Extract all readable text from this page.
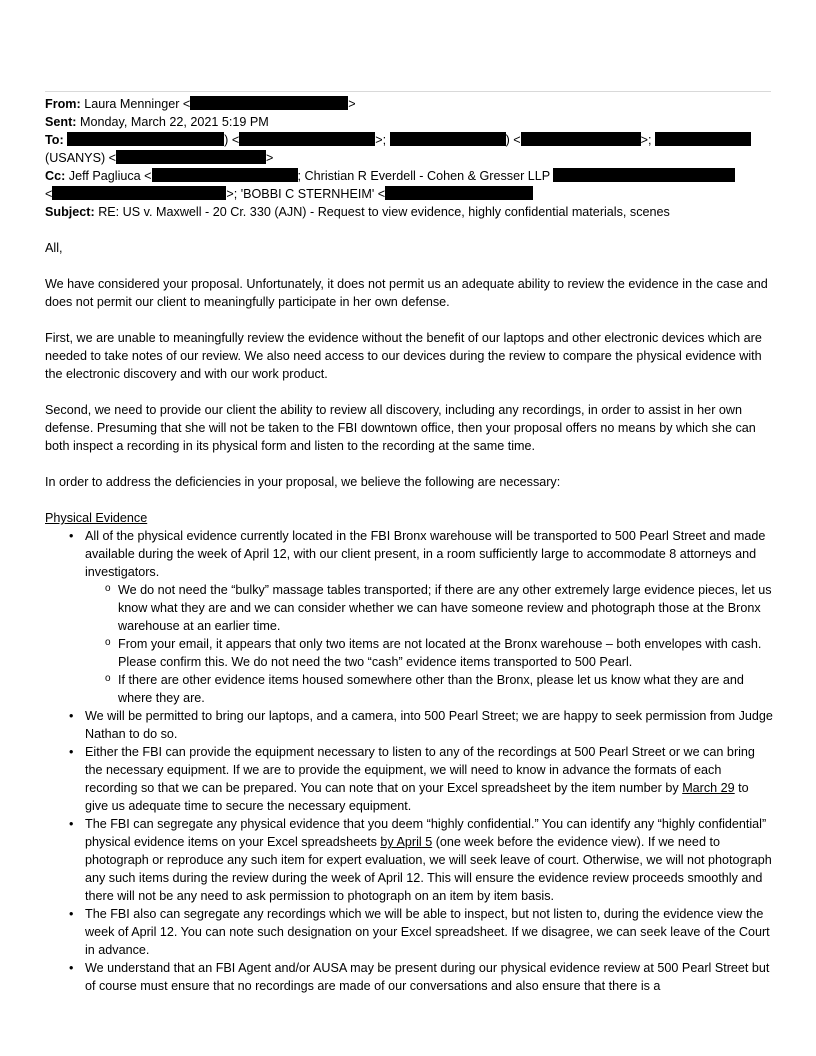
From: Laura Menninger <	>
Sent: Monday, March 22, 2021 5:19 PM
To:	) <	>;	) <	>;
(USANYS) <	>
Cc: Jeff Pagliuca <	; Christian R Everdell - Cohen & Gresser LLP
<	>; 'BOBBI C STERNHEIM' <
Subject: RE: US v. Maxwell - 20 Cr. 330 (AJN) - Request to view evidence, highly confidential materials, scenes

All,

We have considered your proposal. Unfortunately, it does not permit us an adequate ability to review the evidence in the case and does not permit our client to meaningfully participate in her own defense.

First, we are unable to meaningfully review the evidence without the benefit of our laptops and other electronic devices which are needed to take notes of our review. We also need access to our devices during the review to compare the physical evidence with the electronic discovery and with our work product.

Second, we need to provide our client the ability to review all discovery, including any recordings, in order to assist in her own defense. Presuming that she will not be taken to the FBI downtown office, then your proposal offers no means by which she can both inspect a recording in its physical form and listen to the recording at the same time.

In order to address the deficiencies in your proposal, we believe the following are necessary:

Physical Evidence

• All of the physical evidence currently located in the FBI Bronx warehouse will be transported to 500 Pearl Street and made available during the week of April 12, with our client present, in a room sufficiently large to accommodate 8 attorneys and investigators.
o We do not need the “bulky” massage tables transported; if there are any other extremely large evidence pieces, let us know what they are and we can consider whether we can have someone review and photograph those at the Bronx warehouse at an earlier time.
o From your email, it appears that only two items are not located at the Bronx warehouse – both envelopes with cash. Please confirm this. We do not need the two “cash” evidence items transported to 500 Pearl.
o If there are other evidence items housed somewhere other than the Bronx, please let us know what they are and where they are.
• We will be permitted to bring our laptops, and a camera, into 500 Pearl Street; we are happy to seek permission from Judge Nathan to do so.
• Either the FBI can provide the equipment necessary to listen to any of the recordings at 500 Pearl Street or we can bring the necessary equipment. If we are to provide the equipment, we will need to know in advance the formats of each recording so that we can be prepared. You can note that on your Excel spreadsheet by the item number by March 29 to give us adequate time to secure the necessary equipment.
• The FBI can segregate any physical evidence that you deem “highly confidential.” You can identify any “highly confidential” physical evidence items on your Excel spreadsheets by April 5 (one week before the evidence view). If we need to photograph or reproduce any such item for expert evaluation, we will seek leave of court. Otherwise, we will not photograph any such items during the review during the week of April 12. This will ensure the evidence review proceeds smoothly and there will not be any need to ask permission to photograph on an item by item basis.
• The FBI also can segregate any recordings which we will be able to inspect, but not listen to, during the evidence view the week of April 12. You can note such designation on your Excel spreadsheet. If we disagree, we can seek leave of the Court in advance.
• We understand that an FBI Agent and/or AUSA may be present during our physical evidence review at 500 Pearl Street but of course must ensure that no recordings are made of our conversations and also ensure that there is a
